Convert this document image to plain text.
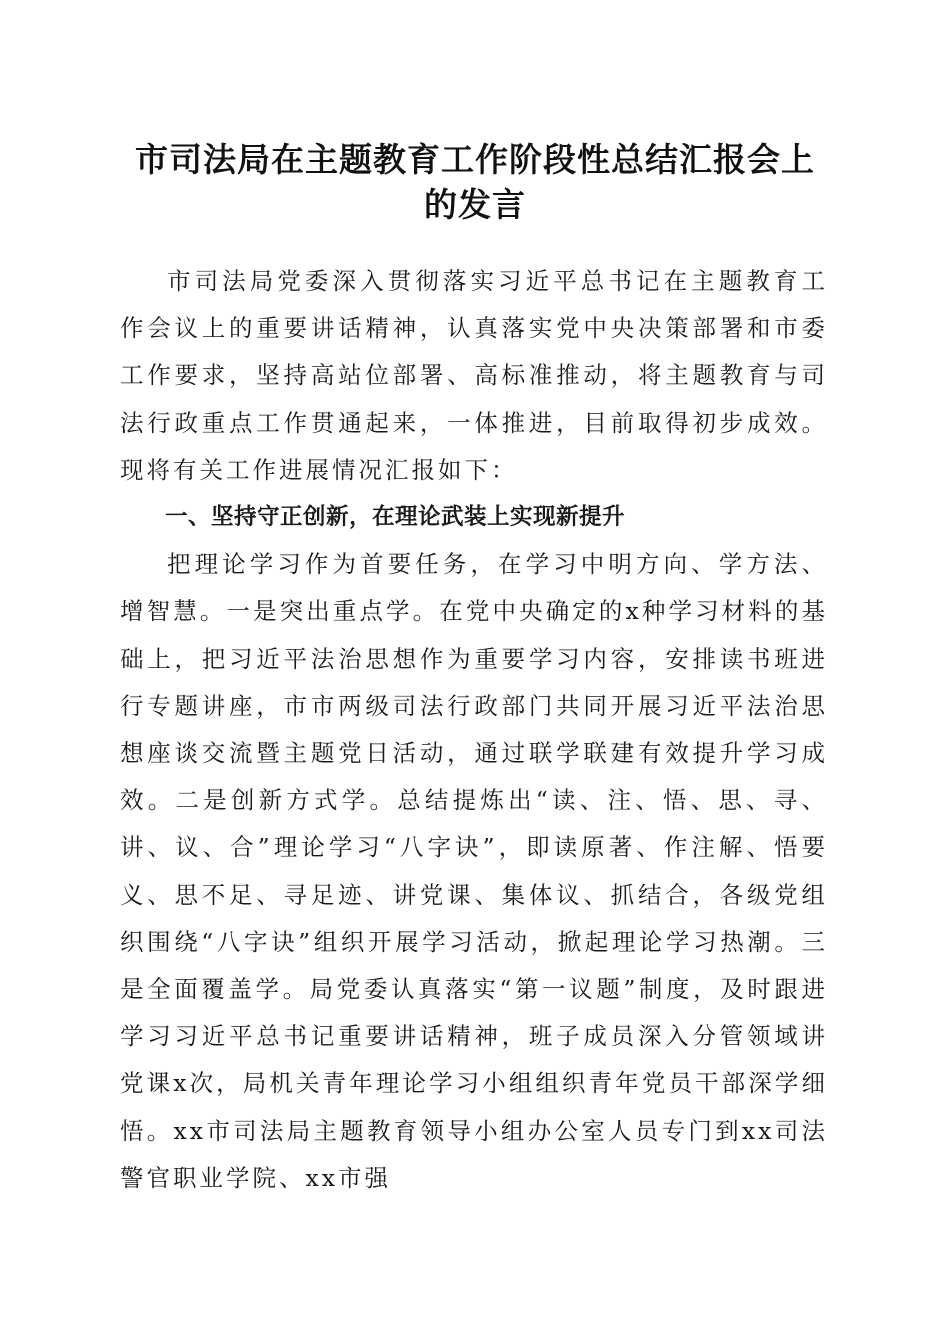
市司法局在主题教育工作阶段性总结汇报会上
的发言

市司法局党委深入贯彻落实习近平总书记在主题教育工作会议上的重要讲话精神，认真落实党中央决策部署和市委工作要求，坚持高站位部署、高标准推动，将主题教育与司法行政重点工作贯通起来，一体推进，目前取得初步成效。现将有关工作进展情况汇报如下：

一、坚持守正创新，在理论武装上实现新提升

把理论学习作为首要任务，在学习中明方向、学方法、增智慧。一是突出重点学。在党中央确定的x种学习材料的基础上，把习近平法治思想作为重要学习内容，安排读书班进行专题讲座，市市两级司法行政部门共同开展习近平法治思想座谈交流暨主题党日活动，通过联学联建有效提升学习成效。二是创新方式学。总结提炼出“读、注、悟、思、寻、讲、议、合”理论学习“八字诀”，即读原著、作注解、悟要义、思不足、寻足迹、讲党课、集体议、抓结合，各级党组织围绕“八字诀”组织开展学习活动，掀起理论学习热潮。三是全面覆盖学。局党委认真落实“第一议题”制度，及时跟进学习习近平总书记重要讲话精神，班子成员深入分管领域讲党课x次，局机关青年理论学习小组组织青年党员干部深学细悟。xx市司法局主题教育领导小组办公室人员专门到xx司法警官职业学院、xx市强
